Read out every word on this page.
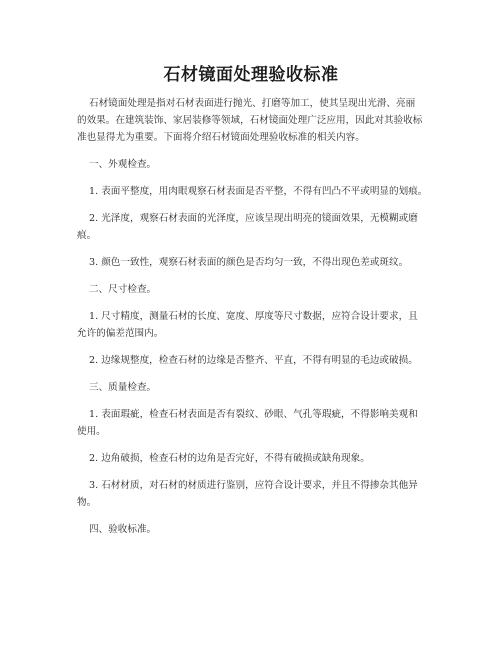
石材镜面处理验收标准
石材镜面处理是指对石材表面进行抛光、打磨等加工，使其呈现出光滑、亮丽
的效果。在建筑装饰、家居装修等领域，石材镜面处理广泛应用，因此对其验收标
准也显得尤为重要。下面将介绍石材镜面处理验收标准的相关内容。
一、外观检查。
1. 表面平整度，用肉眼观察石材表面是否平整，不得有凹凸不平或明显的划痕。
2. 光泽度，观察石材表面的光泽度，应该呈现出明亮的镜面效果，无模糊或磨
痕。
3. 颜色一致性，观察石材表面的颜色是否均匀一致，不得出现色差或斑纹。
二、尺寸检查。
1. 尺寸精度，测量石材的长度、宽度、厚度等尺寸数据，应符合设计要求，且
允许的偏差范围内。
2. 边缘规整度，检查石材的边缘是否整齐、平直，不得有明显的毛边或破损。
三、质量检查。
1. 表面瑕疵，检查石材表面是否有裂纹、砂眼、气孔等瑕疵，不得影响美观和
使用。
2. 边角破损，检查石材的边角是否完好，不得有破损或缺角现象。
3. 石材材质，对石材的材质进行鉴别，应符合设计要求，并且不得掺杂其他异
物。
四、验收标准。
